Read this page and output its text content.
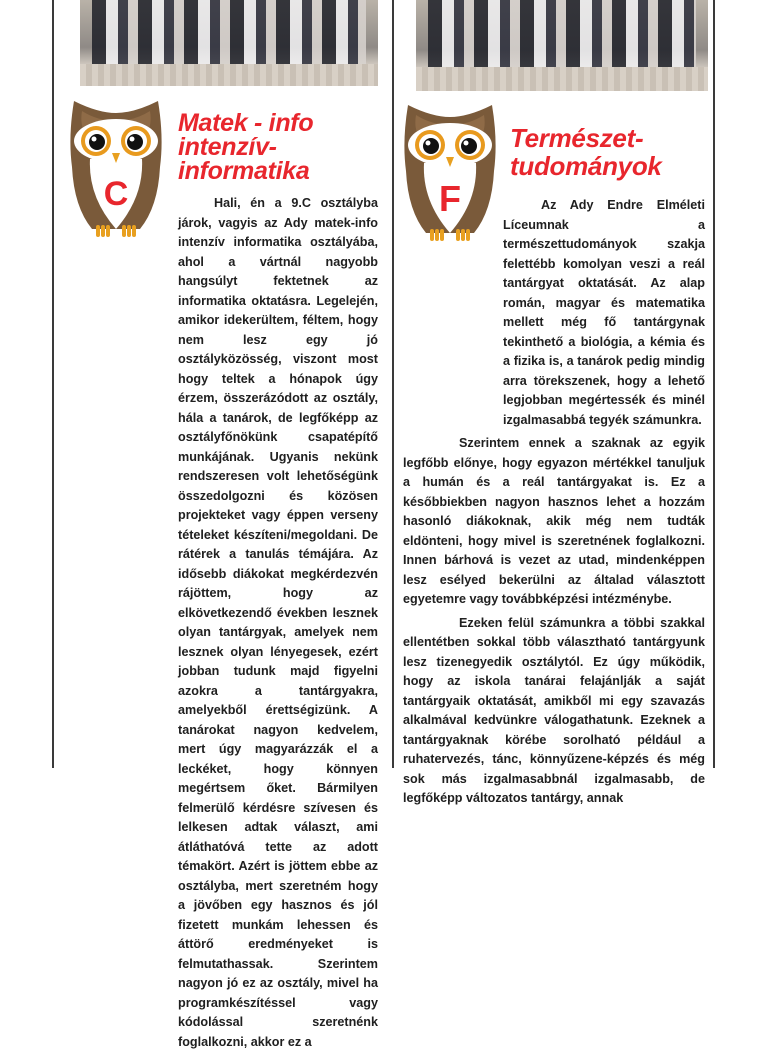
C
Matek - info
intenzív-
informatika

Hali, én a 9.C osztályba járok, vagyis az Ady matek-info intenzív informatika osztályába, ahol a vártnál nagyobb hangsúlyt fektetnek az informatika oktatásra. Legelején, amikor idekerültem, féltem, hogy nem lesz egy jó osztályközösség, viszont most hogy teltek a hónapok úgy érzem, összerázódott az osztály, hála a tanárok, de legfőképp az osztályfőnökünk csapatépítő munkájának. Ugyanis nekünk rendszeresen volt lehetőségünk összedolgozni és közösen projekteket vagy éppen verseny tételeket készíteni/megoldani. De rátérek a tanulás témájára. Az idősebb diákokat megkérdezvén rájöttem, hogy az elkövetkezendő években lesznek olyan tantárgyak, amelyek nem lesznek olyan lényegesek, ezért jobban tudunk majd figyelni azokra a tantárgyakra, amelyekből érettségizünk. A tanárokat nagyon kedvelem, mert úgy magyarázzák el a leckéket, hogy könnyen megértsem őket. Bármilyen felmerülő kérdésre szívesen és lelkesen adtak választ, ami átláthatóvá tette az adott témakört. Azért is jöttem ebbe az osztályba, mert szeretném hogy a jövőben egy hasznos és jól fizetett munkám lehessen és áttörő eredményeket is felmutathassak. Szerintem nagyon jó ez az osztály, mivel ha programkészítéssel vagy kódolással szeretnénk foglalkozni, akkor ez a

F
Természet-
tudományok

Az Ady Endre Elméleti Líceumnak a természettudományok szakja felettébb komolyan veszi a reál tantárgyat oktatását. Az alap román, magyar és matematika mellett még fő tantárgynak tekinthető a biológia, a kémia és a fizika is, a tanárok pedig mindig arra törekszenek, hogy a lehető legjobban megértessék és minél izgalmasabbá tegyék számunkra.

Szerintem ennek a szaknak az egyik legfőbb előnye, hogy egyazon mértékkel tanuljuk a humán és a reál tantárgyakat is. Ez a későbbiekben nagyon hasznos lehet a hozzám hasonló diákoknak, akik még nem tudták eldönteni, hogy mivel is szeretnének foglalkozni. Innen bárhová is vezet az utad, mindenképpen lesz esélyed bekerülni az általad választott egyetemre vagy továbbképzési intézménybe.

Ezeken felül számunkra a többi szakkal ellentétben sokkal több választható tantárgyunk lesz tizenegyedik osztálytól. Ez úgy működik, hogy az iskola tanárai felajánlják a saját tantárgyaik oktatását, amikből mi egy szavazás alkalmával kedvünkre válogathatunk. Ezeknek a tantárgyaknak körébe sorolható például a ruhatervezés, tánc, könnyűzene-képzés és még sok más izgalmasabbnál izgalmasabb, de legfőképp változatos tantárgy, annak
